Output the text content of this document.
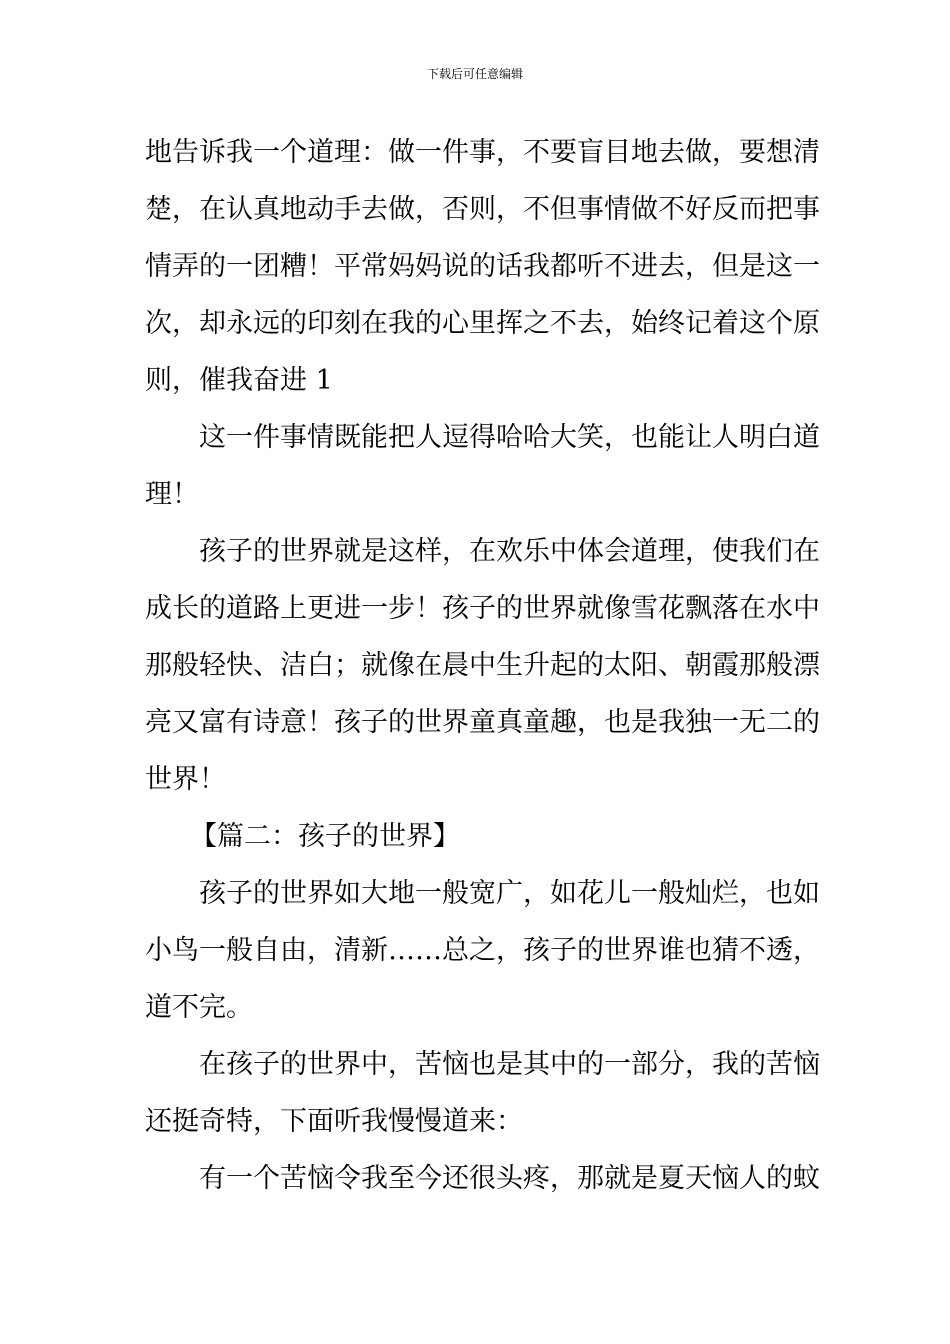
下载后可任意编辑
地告诉我一个道理：做一件事，不要盲目地去做，要想清
楚，在认真地动手去做，否则，不但事情做不好反而把事
情弄的一团糟！平常妈妈说的话我都听不进去，但是这一
次，却永远的印刻在我的心里挥之不去，始终记着这个原
则，催我奋进 1
这一件事情既能把人逗得哈哈大笑，也能让人明白道
理！
孩子的世界就是这样，在欢乐中体会道理，使我们在
成长的道路上更进一步！孩子的世界就像雪花飘落在水中
那般轻快、洁白；就像在晨中生升起的太阳、朝霞那般漂
亮又富有诗意！孩子的世界童真童趣，也是我独一无二的
世界！
【篇二：孩子的世界】
孩子的世界如大地一般宽广，如花儿一般灿烂，也如
小鸟一般自由，清新……总之，孩子的世界谁也猜不透，
道不完。
在孩子的世界中，苦恼也是其中的一部分，我的苦恼
还挺奇特，下面听我慢慢道来：
有一个苦恼令我至今还很头疼，那就是夏天恼人的蚊
